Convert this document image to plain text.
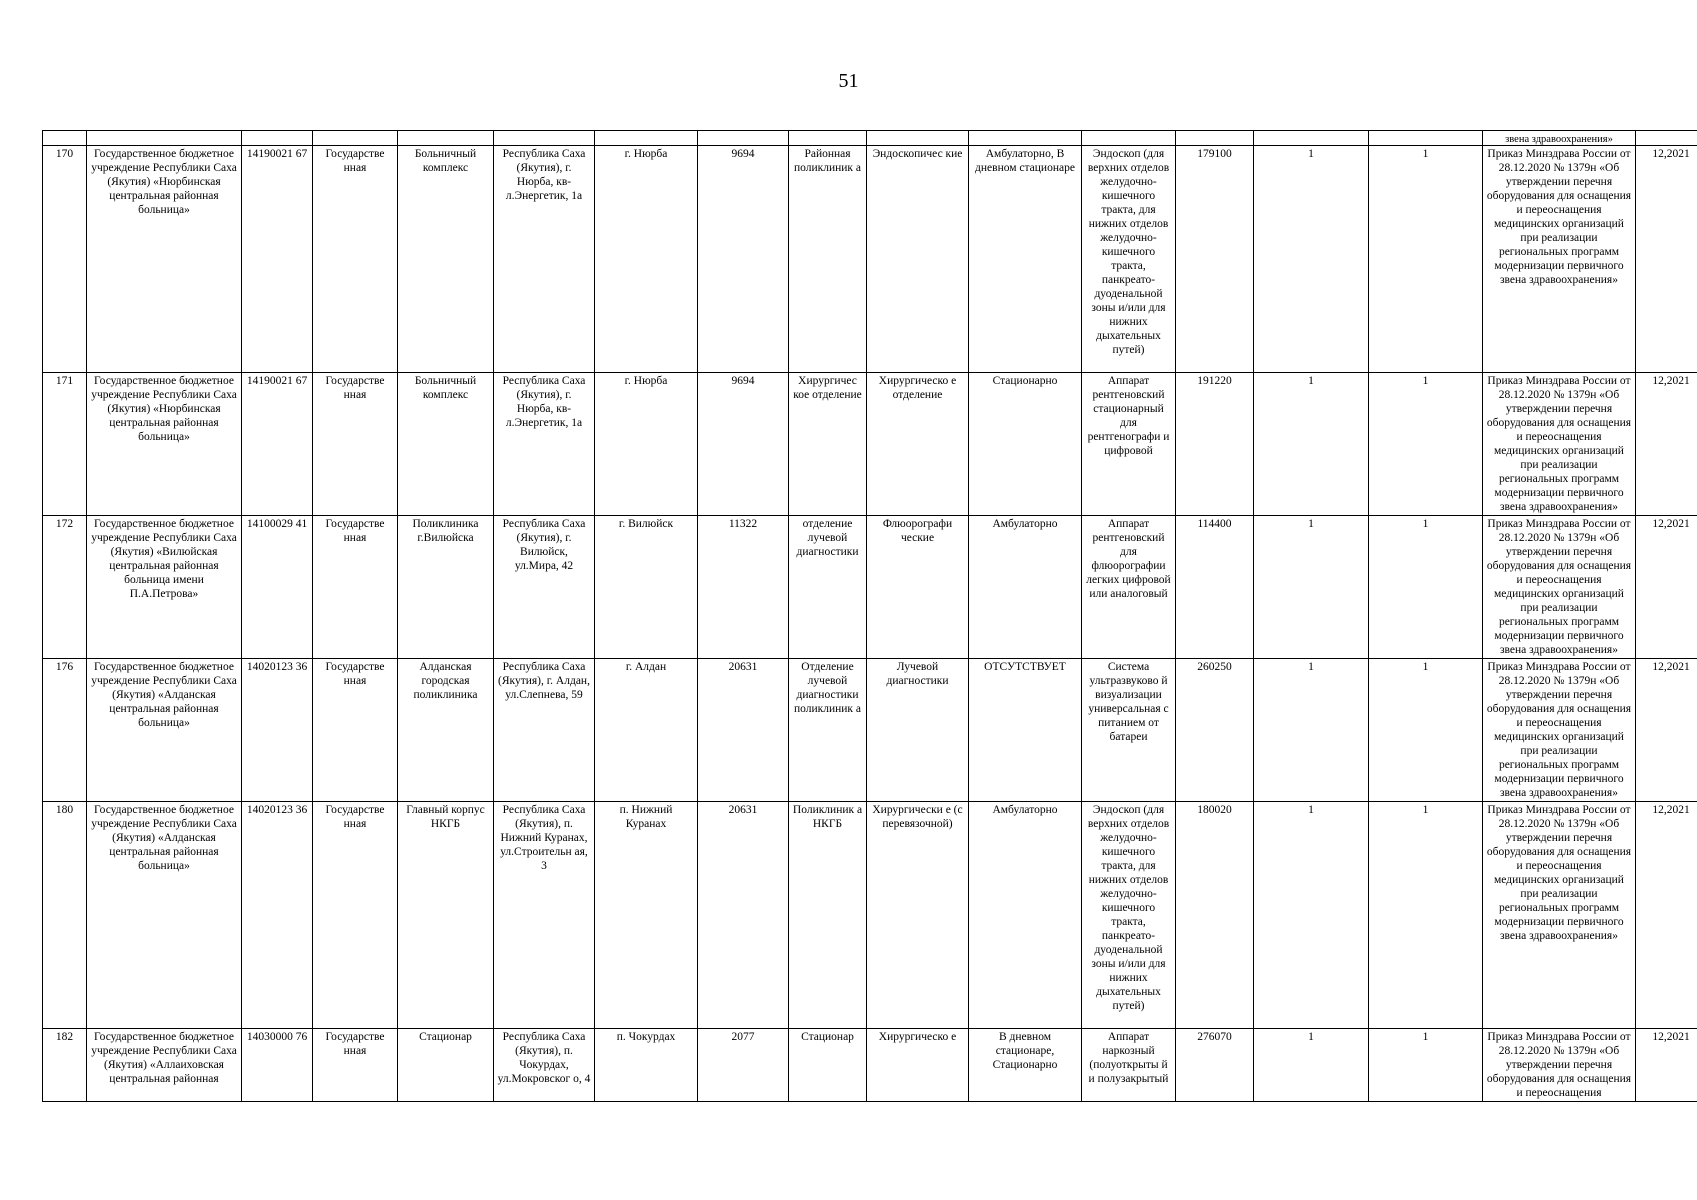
51
															звена здравоохранения»	
170	Государственное бюджетное учреждение Республики Саха (Якутия) «Нюрбинская центральная районная больница»	14190021 67	Государстве нная	Больничный комплекс	Республика Саха (Якутия), г. Нюрба, кв-л.Энергетик, 1а	г. Нюрба	9694	Районная поликлиник а	Эндоскопичес кие	Амбулаторно, В дневном стационаре	Эндоскоп (для верхних отделов желудочно-кишечного тракта, для нижних отделов желудочно-кишечного тракта, панкреато-дуоденальной зоны и/или для нижних дыхательных путей)	179100	1	1	Приказ Минздрава России от 28.12.2020 № 1379н «Об утверждении перечня оборудования для оснащения и переоснащения медицинских организаций при реализации региональных программ модернизации первичного звена здравоохранения»	12,2021
171	Государственное бюджетное учреждение Республики Саха (Якутия) «Нюрбинская центральная районная больница»	14190021 67	Государстве нная	Больничный комплекс	Республика Саха (Якутия), г. Нюрба, кв-л.Энергетик, 1а	г. Нюрба	9694	Хирургичес кое отделение	Хирургическо е отделение	Стационарно	Аппарат рентгеновский стационарный для рентгенографи и цифровой	191220	1	1	Приказ Минздрава России от 28.12.2020 № 1379н «Об утверждении перечня оборудования для оснащения и переоснащения медицинских организаций при реализации региональных программ модернизации первичного звена здравоохранения»	12,2021
172	Государственное бюджетное учреждение Республики Саха (Якутия) «Вилюйская центральная районная больница имени П.А.Петрова»	14100029 41	Государстве нная	Поликлиника г.Вилюйска	Республика Саха (Якутия), г. Вилюйск, ул.Мира, 42	г. Вилюйск	11322	отделение лучевой диагностики	Флюорографи ческие	Амбулаторно	Аппарат рентгеновский для флюорографии легких цифровой или аналоговый	114400	1	1	Приказ Минздрава России от 28.12.2020 № 1379н «Об утверждении перечня оборудования для оснащения и переоснащения медицинских организаций при реализации региональных программ модернизации первичного звена здравоохранения»	12,2021
176	Государственное бюджетное учреждение Республики Саха (Якутия) «Алданская центральная районная больница»	14020123 36	Государстве нная	Алданская городская поликлиника	Республика Саха (Якутия), г. Алдан, ул.Слепнева, 59	г. Алдан	20631	Отделение лучевой диагностики поликлиник а	Лучевой диагностики	ОТСУТСТВУЕТ	Система ультразвуково й визуализации универсальная с питанием от батареи	260250	1	1	Приказ Минздрава России от 28.12.2020 № 1379н «Об утверждении перечня оборудования для оснащения и переоснащения медицинских организаций при реализации региональных программ модернизации первичного звена здравоохранения»	12,2021
180	Государственное бюджетное учреждение Республики Саха (Якутия) «Алданская центральная районная больница»	14020123 36	Государстве нная	Главный корпус НКГБ	Республика Саха (Якутия), п. Нижний Куранах, ул.Строительн ая, 3	п. Нижний Куранах	20631	Поликлиник а НКГБ	Хирургически е (с перевязочной)	Амбулаторно	Эндоскоп (для верхних отделов желудочно-кишечного тракта, для нижних отделов желудочно-кишечного тракта, панкреато-дуоденальной зоны и/или для нижних дыхательных путей)	180020	1	1	Приказ Минздрава России от 28.12.2020 № 1379н «Об утверждении перечня оборудования для оснащения и переоснащения медицинских организаций при реализации региональных программ модернизации первичного звена здравоохранения»	12,2021
182	Государственное бюджетное учреждение Республики Саха (Якутия) «Аллаиховская центральная районная	14030000 76	Государстве нная	Стационар	Республика Саха (Якутия), п. Чокурдах, ул.Мокровског о, 4	п. Чокурдах	2077	Стационар	Хирургическо е	В дневном стационаре, Стационарно	Аппарат наркозный (полуоткрыты й и полузакрытый	276070	1	1	Приказ Минздрава России от 28.12.2020 № 1379н «Об утверждении перечня оборудования для оснащения и переоснащения	12,2021
